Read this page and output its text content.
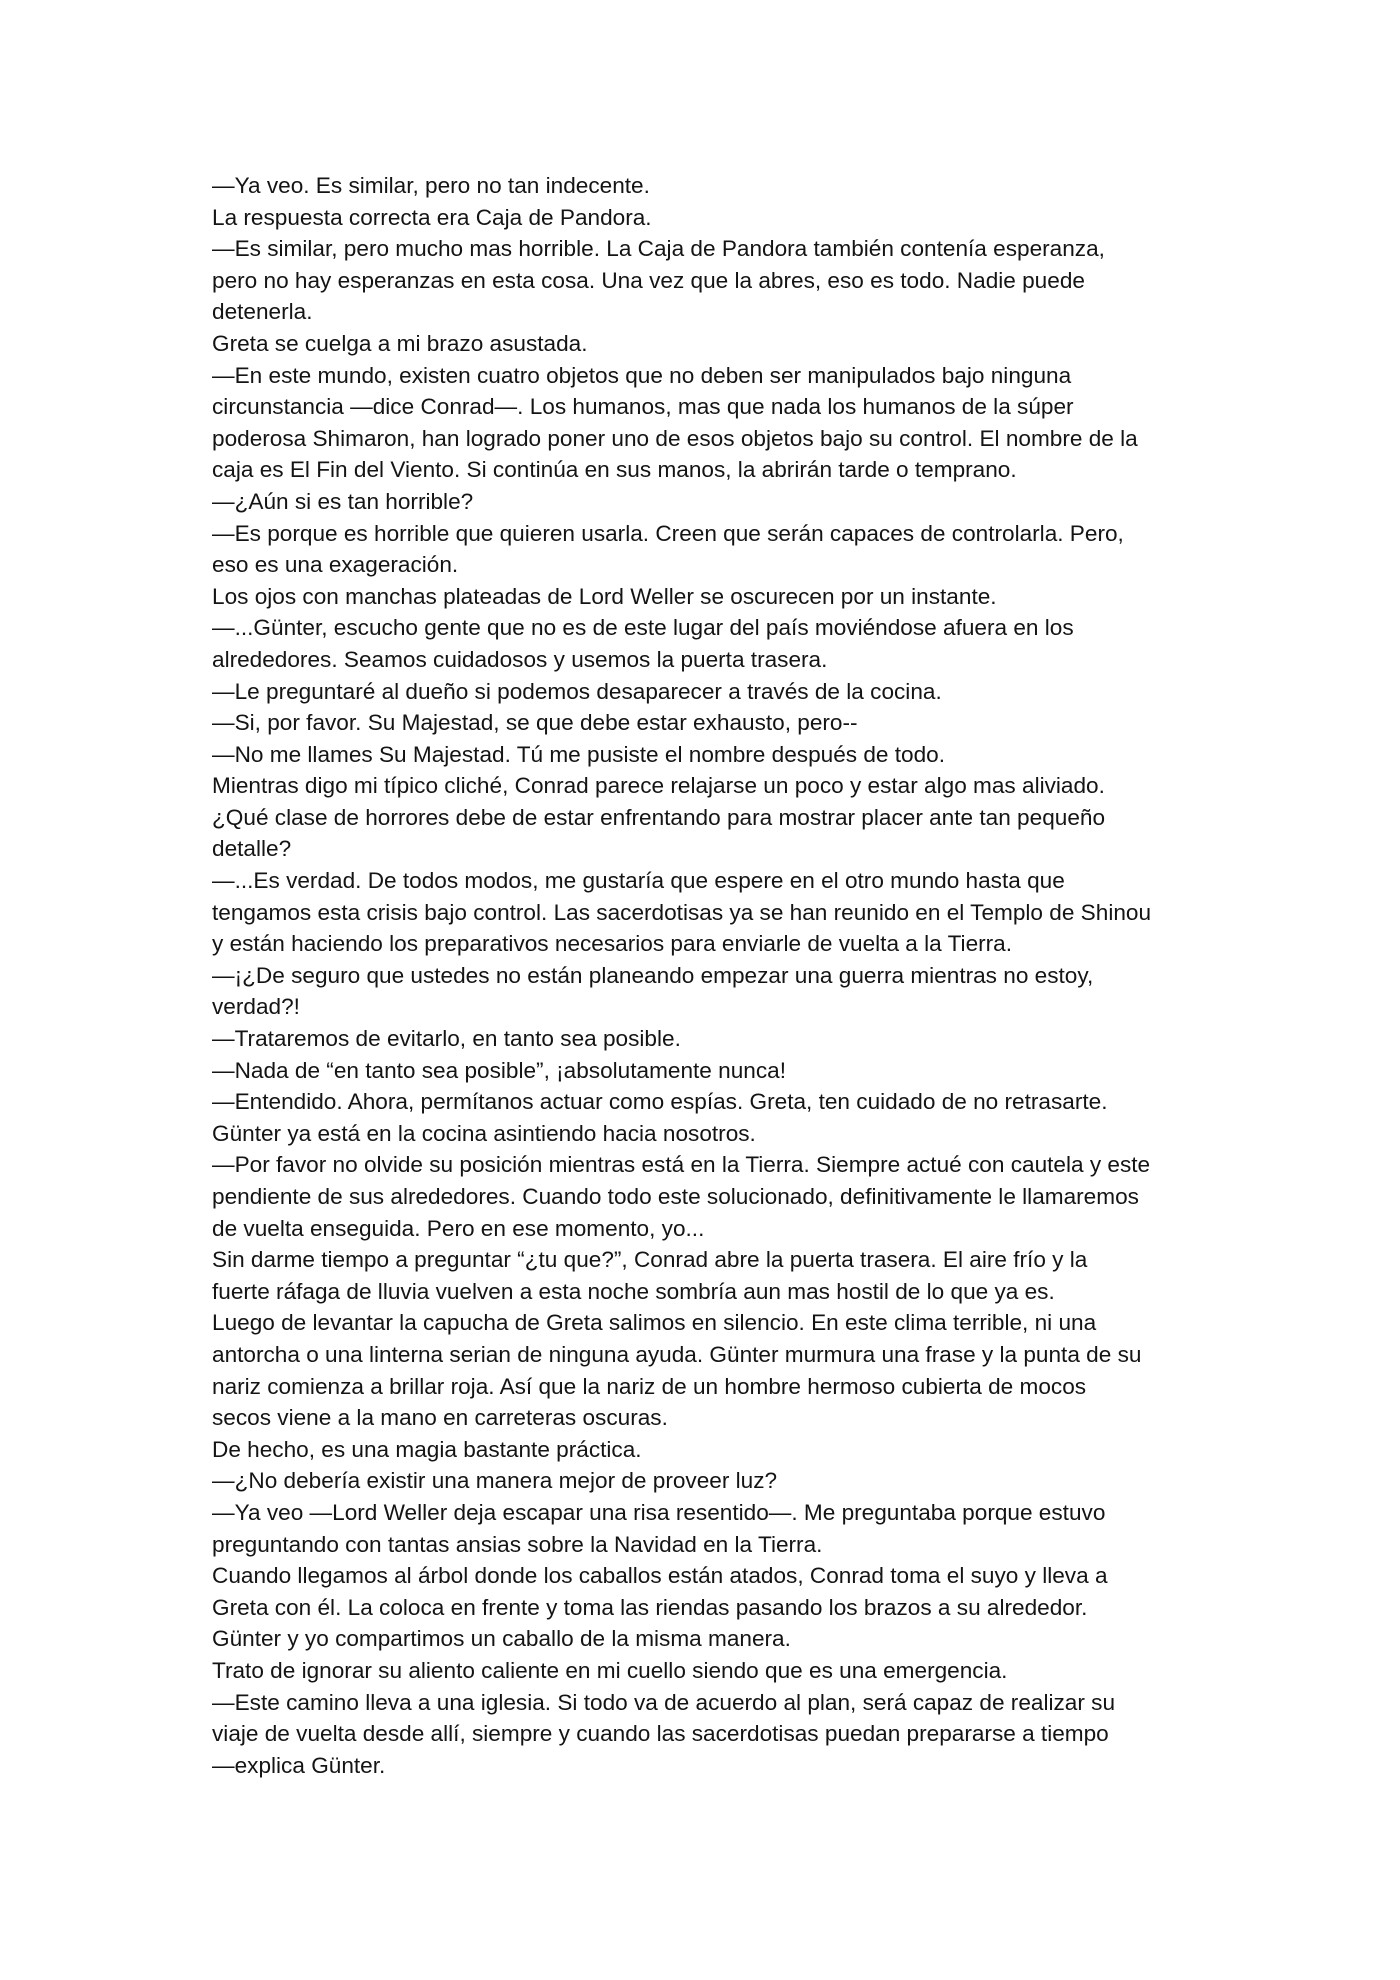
—Ya veo. Es similar, pero no tan indecente.

La respuesta correcta era Caja de Pandora.

—Es similar, pero mucho mas horrible. La Caja de Pandora también contenía esperanza,

pero no hay esperanzas en esta cosa. Una vez que la abres, eso es todo. Nadie puede

detenerla.

Greta se cuelga a mi brazo asustada.

—En este mundo, existen cuatro objetos que no deben ser manipulados bajo ninguna

circunstancia —dice Conrad—. Los humanos, mas que nada los humanos de la súper

poderosa Shimaron, han logrado poner uno de esos objetos bajo su control. El nombre de la

caja es El Fin del Viento. Si continúa en sus manos, la abrirán tarde o temprano.

—¿Aún si es tan horrible?

—Es porque es horrible que quieren usarla. Creen que serán capaces de controlarla. Pero,

eso es una exageración.

Los ojos con manchas plateadas de Lord Weller se oscurecen por un instante.

—...Günter, escucho gente que no es de este lugar del país moviéndose afuera en los

alrededores. Seamos cuidadosos y usemos la puerta trasera.

—Le preguntaré al dueño si podemos desaparecer a través de la cocina.

—Si, por favor. Su Majestad, se que debe estar exhausto, pero--

—No me llames Su Majestad. Tú me pusiste el nombre después de todo.

Mientras digo mi típico cliché, Conrad parece relajarse un poco y estar algo mas aliviado.

¿Qué clase de horrores debe de estar enfrentando para mostrar placer ante tan pequeño

detalle?

—...Es verdad. De todos modos, me gustaría que espere en el otro mundo hasta que

tengamos esta crisis bajo control. Las sacerdotisas ya se han reunido en el Templo de Shinou

y están haciendo los preparativos necesarios para enviarle de vuelta a la Tierra.

—¡¿De seguro que ustedes no están planeando empezar una guerra mientras no estoy,

verdad?!

—Trataremos de evitarlo, en tanto sea posible.

—Nada de “en tanto sea posible”, ¡absolutamente nunca!

—Entendido. Ahora, permítanos actuar como espías. Greta, ten cuidado de no retrasarte.

Günter ya está en la cocina asintiendo hacia nosotros.

—Por favor no olvide su posición mientras está en la Tierra. Siempre actué con cautela y este

pendiente de sus alrededores. Cuando todo este solucionado, definitivamente le llamaremos

de vuelta enseguida. Pero en ese momento, yo...

Sin darme tiempo a preguntar “¿tu que?”, Conrad abre la puerta trasera. El aire frío y la

fuerte ráfaga de lluvia vuelven a esta noche sombría aun mas hostil de lo que ya es.

Luego de levantar la capucha de Greta salimos en silencio. En este clima terrible, ni una

antorcha o una linterna serian de ninguna ayuda. Günter murmura una frase y la punta de su

nariz comienza a brillar roja. Así que la nariz de un hombre hermoso cubierta de mocos

secos viene a la mano en carreteras oscuras.

De hecho, es una magia bastante práctica.

—¿No debería existir una manera mejor de proveer luz?

—Ya veo —Lord Weller deja escapar una risa resentido—. Me preguntaba porque estuvo

preguntando con tantas ansias sobre la Navidad en la Tierra.

Cuando llegamos al árbol donde los caballos están atados, Conrad toma el suyo y lleva a

Greta con él. La coloca en frente y toma las riendas pasando los brazos a su alrededor.

Günter y yo compartimos un caballo de la misma manera.

Trato de ignorar su aliento caliente en mi cuello siendo que es una emergencia.

—Este camino lleva a una iglesia. Si todo va de acuerdo al plan, será capaz de realizar su

viaje de vuelta desde allí, siempre y cuando las sacerdotisas puedan prepararse a tiempo

—explica Günter.
